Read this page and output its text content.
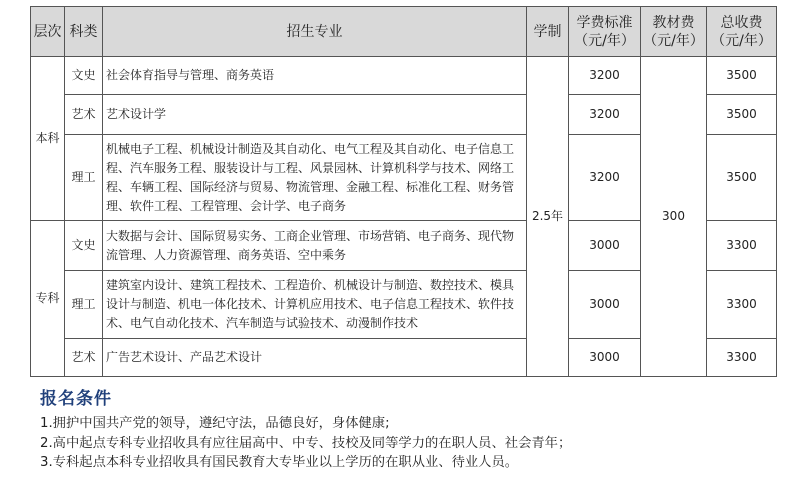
层次	科类	招生专业	学制	学费标准（元/年）	教材费（元/年）	总收费（元/年）
本科	文史	社会体育指导与管理、商务英语	2.5年	3200	300	3500
	艺术	艺术设计学		3200		3500
	理工	机械电子工程、机械设计制造及其自动化、电气工程及其自动化、电子信息工程、汽车服务工程、服装设计与工程、风景园林、计算机科学与技术、网络工程、车辆工程、国际经济与贸易、物流管理、金融工程、标准化工程、财务管理、软件工程、工程管理、会计学、电子商务		3200		3500
专科	文史	大数据与会计、国际贸易实务、工商企业管理、市场营销、电子商务、现代物流管理、人力资源管理、商务英语、空中乘务		3000		3300
	理工	建筑室内设计、建筑工程技术、工程造价、机械设计与制造、数控技术、模具设计与制造、机电一体化技术、计算机应用技术、电子信息工程技术、软件技术、电气自动化技术、汽车制造与试验技术、动漫制作技术		3000		3300
	艺术	广告艺术设计、产品艺术设计		3000		3300
报名条件
1.拥护中国共产党的领导，遵纪守法，品德良好，身体健康;
2.高中起点专科专业招收具有应往届高中、中专、技校及同等学力的在职人员、社会青年；
3.专科起点本科专业招收具有国民教育大专毕业以上学历的在职从业、待业人员。
